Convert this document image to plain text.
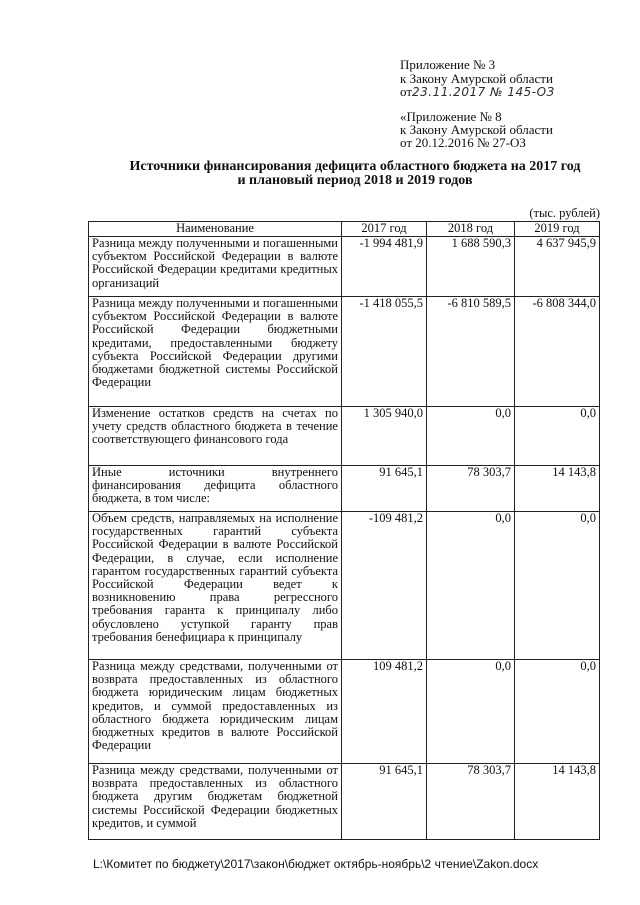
Приложение № 3
к Закону Амурской области
от23.11.2017 № 145-ОЗ
«Приложение № 8
к Закону Амурской области
от 20.12.2016 № 27-ОЗ
Источники финансирования дефицита областного бюджета на 2017 год
и плановый период 2018 и 2019 годов
(тыс. рублей)
Наименование	2017 год	2018 год	2019 год
Разница между полученными и погашенными субъектом Российской Федерации в валюте Российской Федерации кредитами кредитных организаций	-1 994 481,9	1 688 590,3	4 637 945,9
Разница между полученными и погашенными субъектом Российской Федерации в валюте Российской Федерации бюджетными кредитами, предоставленными бюджету субъекта Российской Федерации другими бюджетами бюджетной системы Российской Федерации	-1 418 055,5	-6 810 589,5	-6 808 344,0
Изменение остатков средств на счетах по учету средств областного бюджета в течение соответствующего финансового года	1 305 940,0	0,0	0,0
Иные источники внутреннего финансирования дефицита областного бюджета, в том числе:	91 645,1	78 303,7	14 143,8
Объем средств, направляемых на исполнение государственных гарантий субъекта Российской Федерации в валюте Российской Федерации, в случае, если исполнение гарантом государственных гарантий субъекта Российской Федерации ведет к возникновению права регрессного требования гаранта к принципалу либо обусловлено уступкой гаранту прав требования бенефициара к принципалу	-109 481,2	0,0	0,0
Разница между средствами, полученными от возврата предоставленных из областного бюджета юридическим лицам бюджетных кредитов, и суммой предоставленных из областного бюджета юридическим лицам бюджетных кредитов в валюте Российской Федерации	109 481,2	0,0	0,0
Разница между средствами, полученными от возврата предоставленных из областного бюджета другим бюджетам бюджетной системы Российской Федерации бюджетных кредитов, и суммой	91 645,1	78 303,7	14 143,8
L:\Комитет по бюджету\2017\закон\бюджет октябрь-ноябрь\2 чтение\Zakon.docx
